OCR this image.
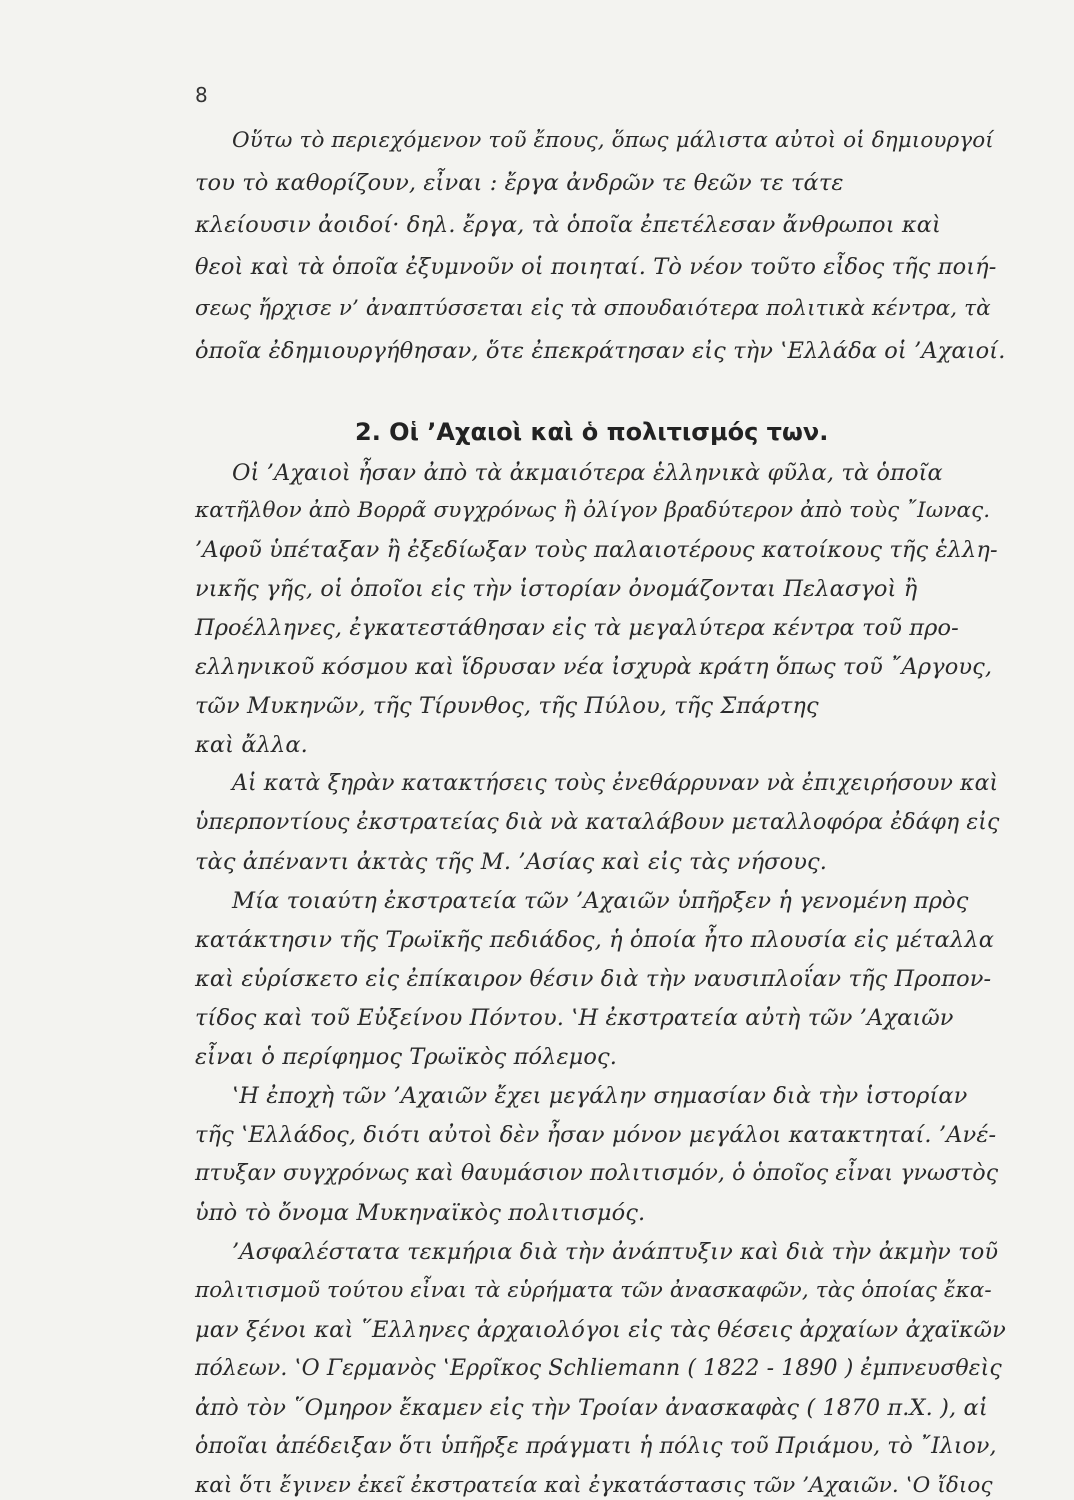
8
Οὕτω τὸ περιεχόμενον τοῦ ἔπους, ὅπως μάλιστα αὐτοὶ οἱ δημιουργοί
του τὸ καθορίζουν, εἶναι : ἔργα ἀνδρῶν τε θεῶν τε τάτε
κλείουσιν ἀοιδοί· δηλ. ἔργα, τὰ ὁποῖα ἐπετέλεσαν ἄνθρωποι καὶ
θεοὶ καὶ τὰ ὁποῖα ἐξυμνοῦν οἱ ποιηταί. Τὸ νέον τοῦτο εἶδος τῆς ποιή-
σεως ἤρχισε ν’ ἀναπτύσσεται εἰς τὰ σπουδαιότερα πολιτικὰ κέντρα, τὰ
ὁποῖα ἐδημιουργήθησαν, ὅτε ἐπεκράτησαν εἰς τὴν ‛Ελλάδα οἱ ’Αχαιοί.
2. Οἱ ’Αχαιοὶ καὶ ὁ πολιτισμός των.
Οἱ ’Αχαιοὶ ἦσαν ἀπὸ τὰ ἀκμαιότερα ἑλληνικὰ φῦλα, τὰ ὁποῖα
κατῆλθον ἀπὸ Βορρᾶ συγχρόνως ἢ ὀλίγον βραδύτερον ἀπὸ τοὺς ῎Ιωνας.
’Αφοῦ ὑπέταξαν ἢ ἐξεδίωξαν τοὺς παλαιοτέρους κατοίκους τῆς ἑλλη-
νικῆς γῆς, οἱ ὁποῖοι εἰς τὴν ἱστορίαν ὀνομάζονται Πελασγοὶ ἢ
Προέλληνες, ἐγκατεστάθησαν εἰς τὰ μεγαλύτερα κέντρα τοῦ προ-
ελληνικοῦ κόσμου καὶ ἵδρυσαν νέα ἰσχυρὰ κράτη ὅπως τοῦ ῎Αργους,
τῶν Μυκηνῶν, τῆς Τίρυνθος, τῆς Πύλου, τῆς Σπάρτης
καὶ ἄλλα.
Αἱ κατὰ ξηρὰν κατακτήσεις τοὺς ἐνεθάρρυναν νὰ ἐπιχειρήσουν καὶ
ὑπερποντίους ἐκστρατείας διὰ νὰ καταλάβουν μεταλλοφόρα ἐδάφη εἰς
τὰς ἀπέναντι ἀκτὰς τῆς Μ. ’Ασίας καὶ εἰς τὰς νήσους.
Μία τοιαύτη ἐκστρατεία τῶν ’Αχαιῶν ὑπῆρξεν ἡ γενομένη πρὸς
κατάκτησιν τῆς Τρωϊκῆς πεδιάδος, ἡ ὁποία ἦτο πλουσία εἰς μέταλλα
καὶ εὑρίσκετο εἰς ἐπίκαιρον θέσιν διὰ τὴν ναυσιπλοΐαν τῆς Προπον-
τίδος καὶ τοῦ Εὐξείνου Πόντου. ‛Η ἐκστρατεία αὐτὴ τῶν ’Αχαιῶν
εἶναι ὁ περίφημος Τρωϊκὸς πόλεμος.
‛Η ἐποχὴ τῶν ’Αχαιῶν ἔχει μεγάλην σημασίαν διὰ τὴν ἱστορίαν
τῆς ‛Ελλάδος, διότι αὐτοὶ δὲν ἦσαν μόνον μεγάλοι κατακτηταί. ’Ανέ-
πτυξαν συγχρόνως καὶ θαυμάσιον πολιτισμόν, ὁ ὁποῖος εἶναι γνωστὸς
ὑπὸ τὸ ὄνομα Μυκηναϊκὸς πολιτισμός.
’Ασφαλέστατα τεκμήρια διὰ τὴν ἀνάπτυξιν καὶ διὰ τὴν ἀκμὴν τοῦ
πολιτισμοῦ τούτου εἶναι τὰ εὑρήματα τῶν ἀνασκαφῶν, τὰς ὁποίας ἔκα-
μαν ξένοι καὶ ῞Ελληνες ἀρχαιολόγοι εἰς τὰς θέσεις ἀρχαίων ἀχαϊκῶν
πόλεων. ‛Ο Γερμανὸς ‛Ερρῖκος Schliemann ( 1822 - 1890 ) ἐμπνευσθεὶς
ἀπὸ τὸν ῞Ομηρον ἔκαμεν εἰς τὴν Τροίαν ἀνασκαφὰς ( 1870 π.Χ. ), αἱ
ὁποῖαι ἀπέδειξαν ὅτι ὑπῆρξε πράγματι ἡ πόλις τοῦ Πριάμου, τὸ ῎Ιλιον,
καὶ ὅτι ἔγινεν ἐκεῖ ἐκστρατεία καὶ ἐγκατάστασις τῶν ’Αχαιῶν. ‛Ο ἴδιος
